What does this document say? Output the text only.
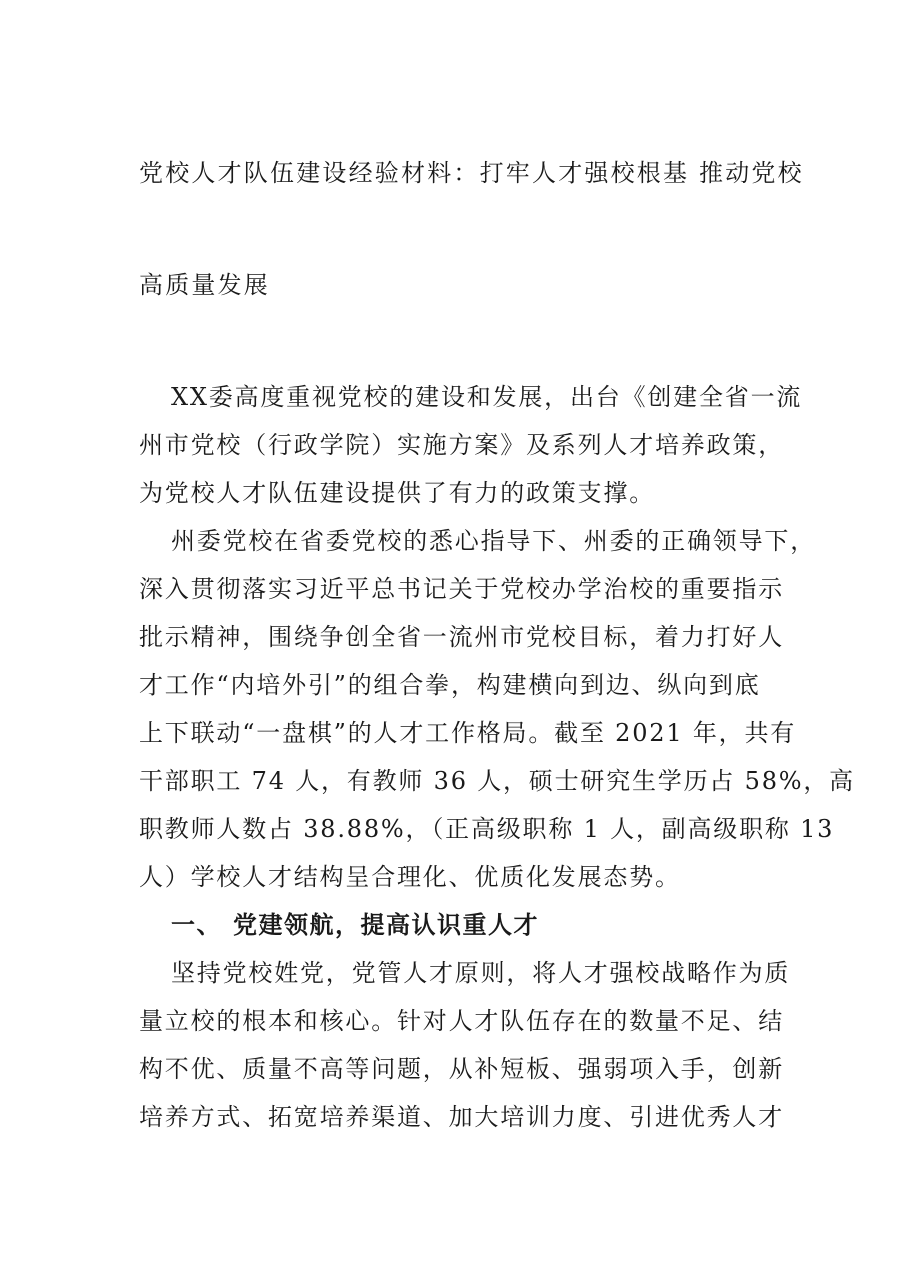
党校人才队伍建设经验材料：打牢人才强校根基 推动党校
高质量发展
XX委高度重视党校的建设和发展，出台《创建全省一流
州市党校（行政学院）实施方案》及系列人才培养政策，
为党校人才队伍建设提供了有力的政策支撑。
州委党校在省委党校的悉心指导下、州委的正确领导下，
深入贯彻落实习近平总书记关于党校办学治校的重要指示
批示精神，围绕争创全省一流州市党校目标，着力打好人
才工作“内培外引”的组合拳，构建横向到边、纵向到底
上下联动“一盘棋”的人才工作格局。截至 2021 年，共有
干部职工 74 人，有教师 36 人，硕士研究生学历占 58%，高
职教师人数占 38.88%，（正高级职称 1 人，副高级职称 13
人）学校人才结构呈合理化、优质化发展态势。
一、 党建领航，提高认识重人才
坚持党校姓党，党管人才原则，将人才强校战略作为质
量立校的根本和核心。针对人才队伍存在的数量不足、结
构不优、质量不高等问题，从补短板、强弱项入手，创新
培养方式、拓宽培养渠道、加大培训力度、引进优秀人才
